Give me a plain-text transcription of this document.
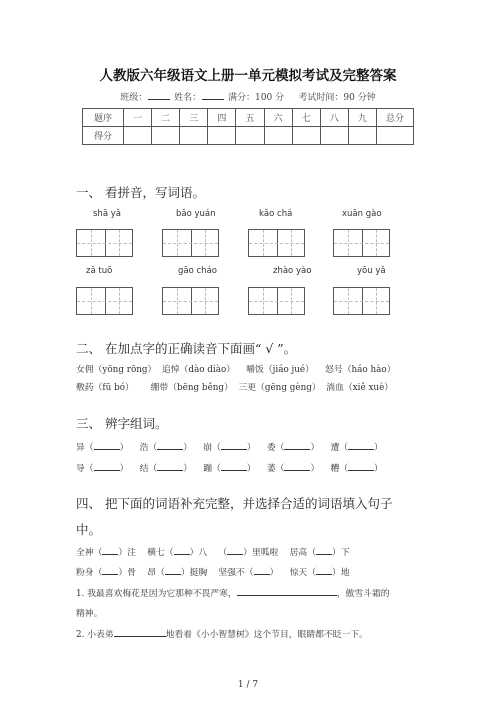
人教版六年级语文上册一单元模拟考试及完整答案
班级：	姓名：	满分：100 分 考试时间：90 分钟
题序	一	二	三	四	五	六	七	八	九	总分
得分										
一、 看拼音，写词语。
shā yǎ	bǎo yuán	kǎo chá	xuān gào
zǎ tuō	gāo cháo	zhào yào	yōu yǎ
二、 在加点字的正确读音下面画“ √ ”。
女佣（yōng rōng）  追悼（dào diào）    嚼饭（jiáo jué）    怒号（háo hào）
敷药（fū bó）      绷带（bēng běng）  三更（gēng gèng）  淌血（xiě xuè）
三、 辨字组词。
异（	） 浩（	） 崩（	） 委（	） 遭（	）
导（	） 结（	） 蹦（	） 萎（	） 糟（	）
四、 把下面的词语补充完整，并选择合适的词语填入句子
中。
全神（ ）注 横七（ ）八 （ ）里呱啦 居高（ ）下
粉身（ ）骨 昂（ ）挺胸 坚强不（ ） 惊天（ ）地
1. 我最喜欢梅花是因为它那种不畏严寒，	，傲雪斗霜的
精神。
2. 小表弟	地看着《小小智慧树》这个节目，眼睛都不眨一下。
1 / 7
